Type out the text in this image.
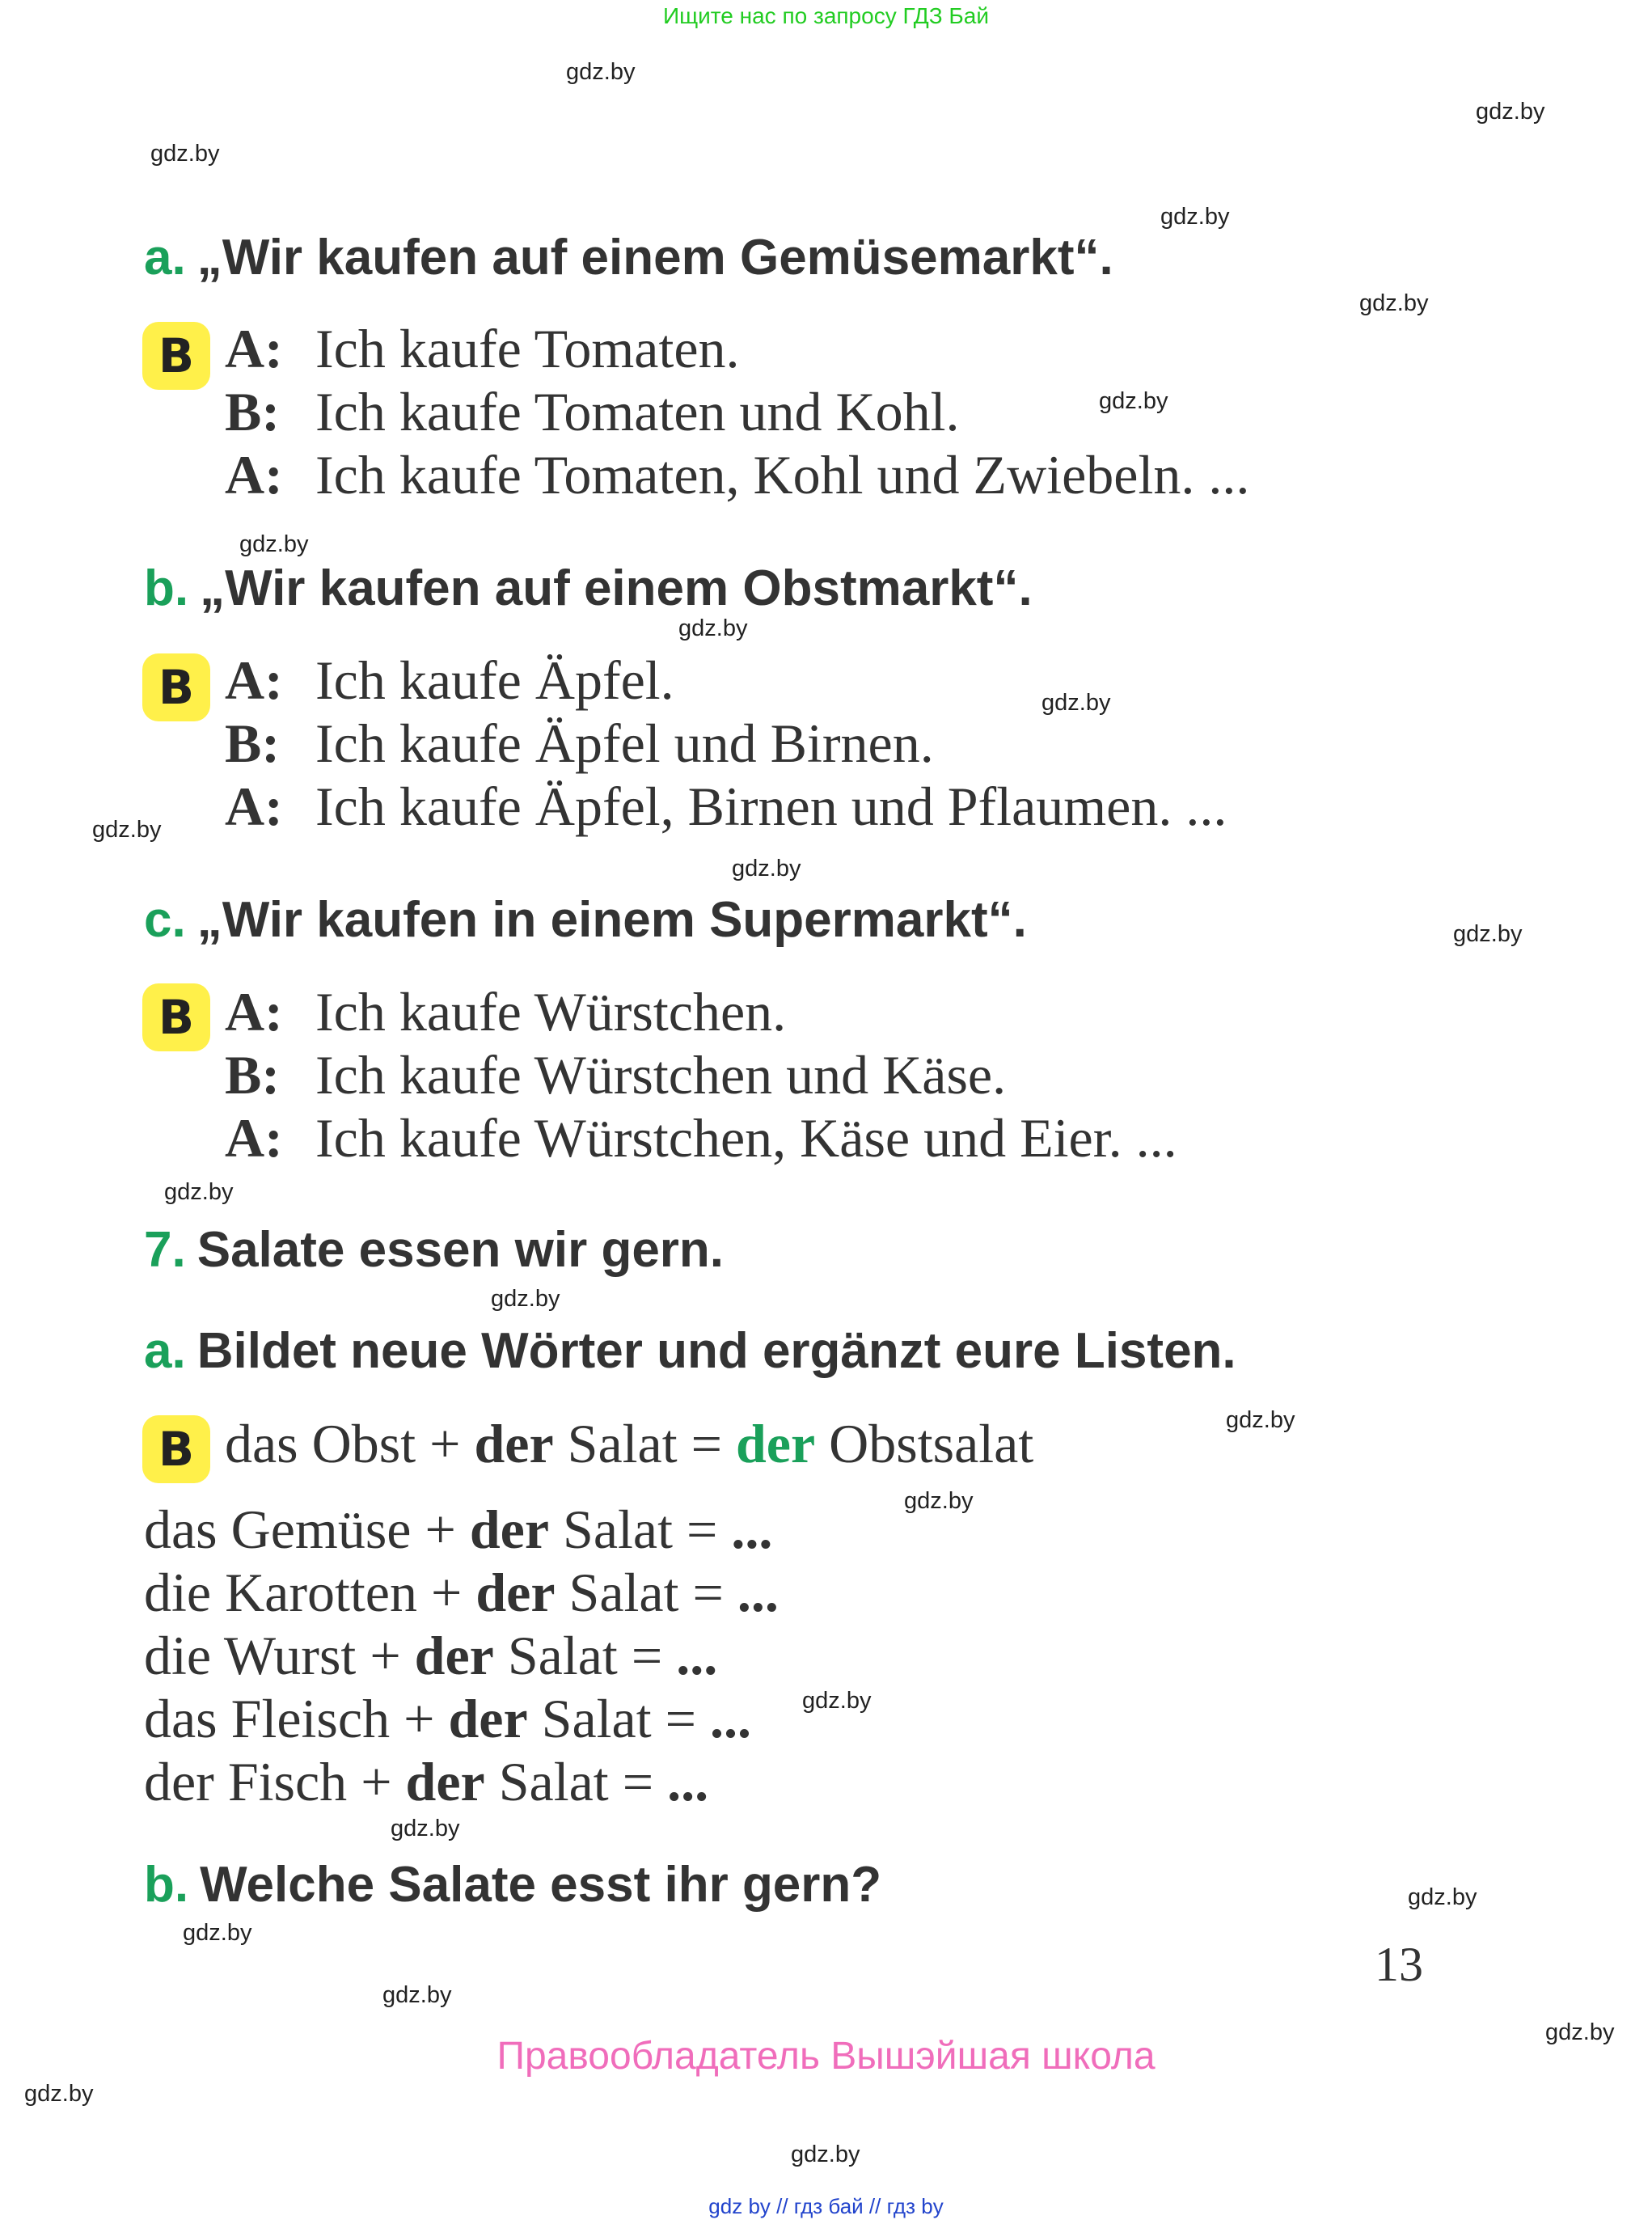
Ищите нас по запросу ГДЗ Бай
gdz.by
gdz.by
gdz.by
gdz.by
gdz.by
gdz.by
gdz.by
gdz.by
gdz.by
gdz.by
gdz.by
gdz.by
gdz.by
gdz.by
gdz.by
gdz.by
gdz.by
gdz.by
gdz.by
gdz.by
gdz.by
gdz.by
gdz.by
gdz.by
a. „Wir kaufen auf einem Gemüsemarkt“.
B A: Ich kaufe Tomaten.
B: Ich kaufe Tomaten und Kohl.
A: Ich kaufe Tomaten, Kohl und Zwiebeln. ...
b. „Wir kaufen auf einem Obstmarkt“.
B A: Ich kaufe Äpfel.
B: Ich kaufe Äpfel und Birnen.
A: Ich kaufe Äpfel, Birnen und Pflaumen. ...
c. „Wir kaufen in einem Supermarkt“.
B A: Ich kaufe Würstchen.
B: Ich kaufe Würstchen und Käse.
A: Ich kaufe Würstchen, Käse und Eier. ...
7. Salate essen wir gern.
a. Bildet neue Wörter und ergänzt eure Listen.
B das Obst + der Salat = der Obstsalat
das Gemüse + der Salat = ...
die Karotten + der Salat = ...
die Wurst + der Salat = ...
das Fleisch + der Salat = ...
der Fisch + der Salat = ...
b. Welche Salate esst ihr gern?
13
Правообладатель Вышэйшая школа
gdz by // гдз бай // гдз by
